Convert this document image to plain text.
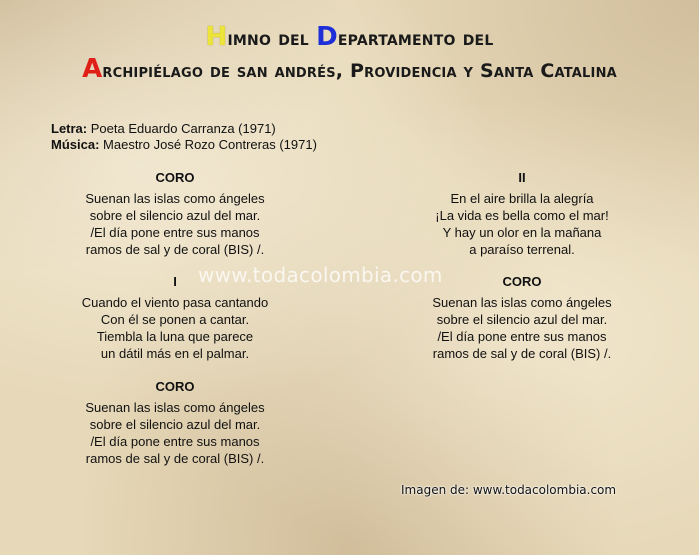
Himno del Departamento del
Archipiélago de san andrés, Providencia y Santa Catalina
Letra: Poeta Eduardo Carranza (1971)
Música: Maestro José Rozo Contreras (1971)
CORO
Suenan las islas como ángeles
sobre el silencio azul del mar.
/El día pone entre sus manos
ramos de sal y de coral (BIS) /.
I
Cuando el viento pasa cantando
Con él se ponen a cantar.
Tiembla la luna que parece
un dátil más en el palmar.
CORO
Suenan las islas como ángeles
sobre el silencio azul del mar.
/El día pone entre sus manos
ramos de sal y de coral (BIS) /.
II
En el aire brilla la alegría
¡La vida es bella como el mar!
Y hay un olor en la mañana
a paraíso terrenal.
CORO
Suenan las islas como ángeles
sobre el silencio azul del mar.
/El día pone entre sus manos
ramos de sal y de coral (BIS) /.
www.todacolombia.com
Imagen de: www.todacolombia.com
